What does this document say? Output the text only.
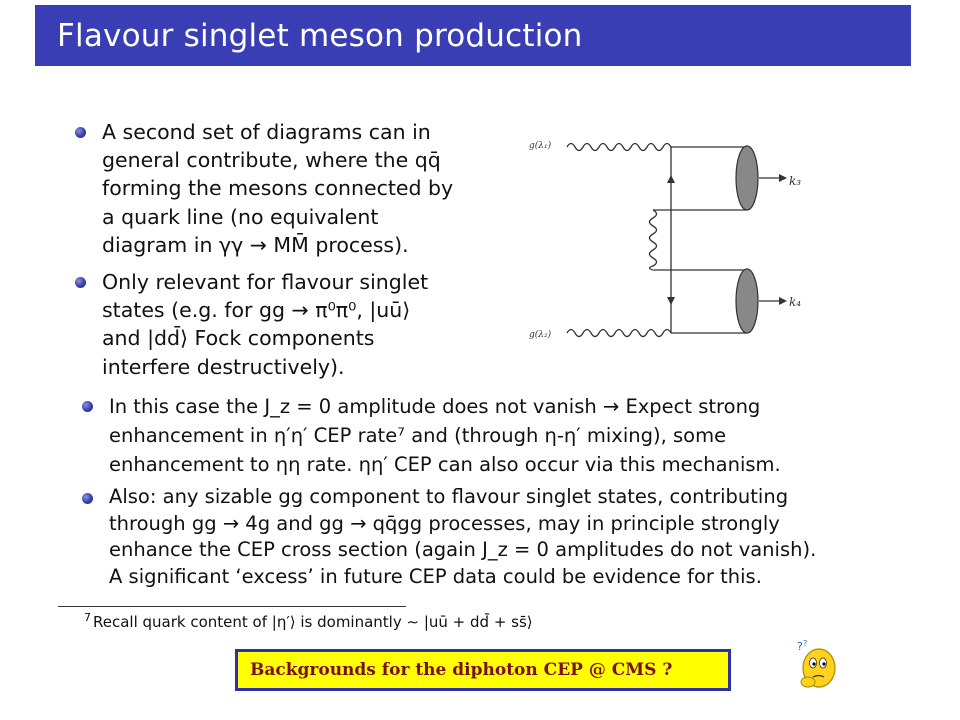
Flavour singlet meson production
A second set of diagrams can in
general contribute, where the qq̄
forming the mesons connected by
a quark line (no equivalent
diagram in γγ → MM̄ process).
Only relevant for flavour singlet
states (e.g. for gg → π⁰π⁰, |uū⟩
and |dd̄⟩ Fock components
interfere destructively).
In this case the J_z = 0 amplitude does not vanish → Expect strong
enhancement in η′η′ CEP rate⁷ and (through η-η′ mixing), some
enhancement to ηη rate. ηη′ CEP can also occur via this mechanism.
Also: any sizable gg component to flavour singlet states, contributing
through gg → 4g and gg → qq̄gg processes, may in principle strongly
enhance the CEP cross section (again J_z = 0 amplitudes do not vanish).
A significant ‘excess’ in future CEP data could be evidence for this.
g(λ₁)
g(λ₂)
k₃
k₄
$^7$ Recall quark content of |η′⟩ is dominantly ∼ |uū + dd̄ + ss̄⟩
Backgrounds for the diphoton CEP @ CMS ?
? ?
